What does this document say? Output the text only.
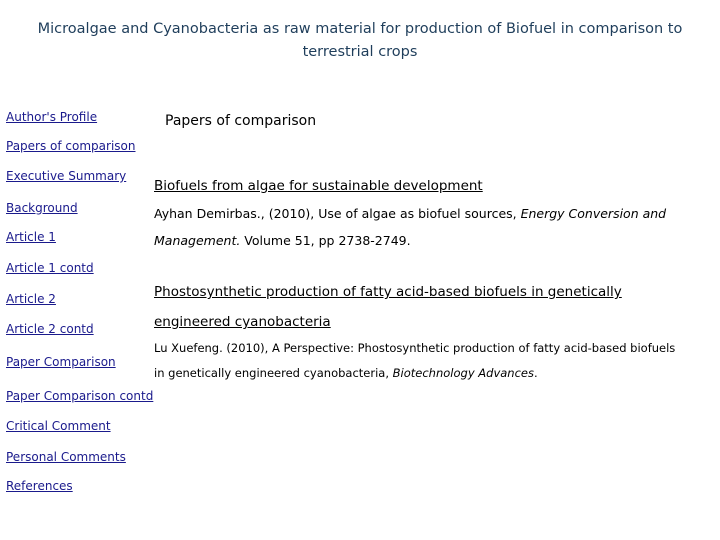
Microalgae and Cyanobacteria as raw material for production of Biofuel in comparison to
terrestrial crops
Author's Profile
Papers of comparison
Executive Summary
Background
Article 1
Article 1 contd
Article 2
Article 2 contd
Paper Comparison
Paper Comparison contd
Critical Comment
Personal Comments
References
Papers of comparison
Biofuels from algae for sustainable development
Ayhan Demirbas., (2010), Use of algae as biofuel sources, Energy Conversion and
Management. Volume 51, pp 2738-2749.
Phostosynthetic production of fatty acid-based biofuels in genetically
engineered cyanobacteria
Lu Xuefeng. (2010), A Perspective: Phostosynthetic production of fatty acid-based biofuels
in genetically engineered cyanobacteria, Biotechnology Advances.
